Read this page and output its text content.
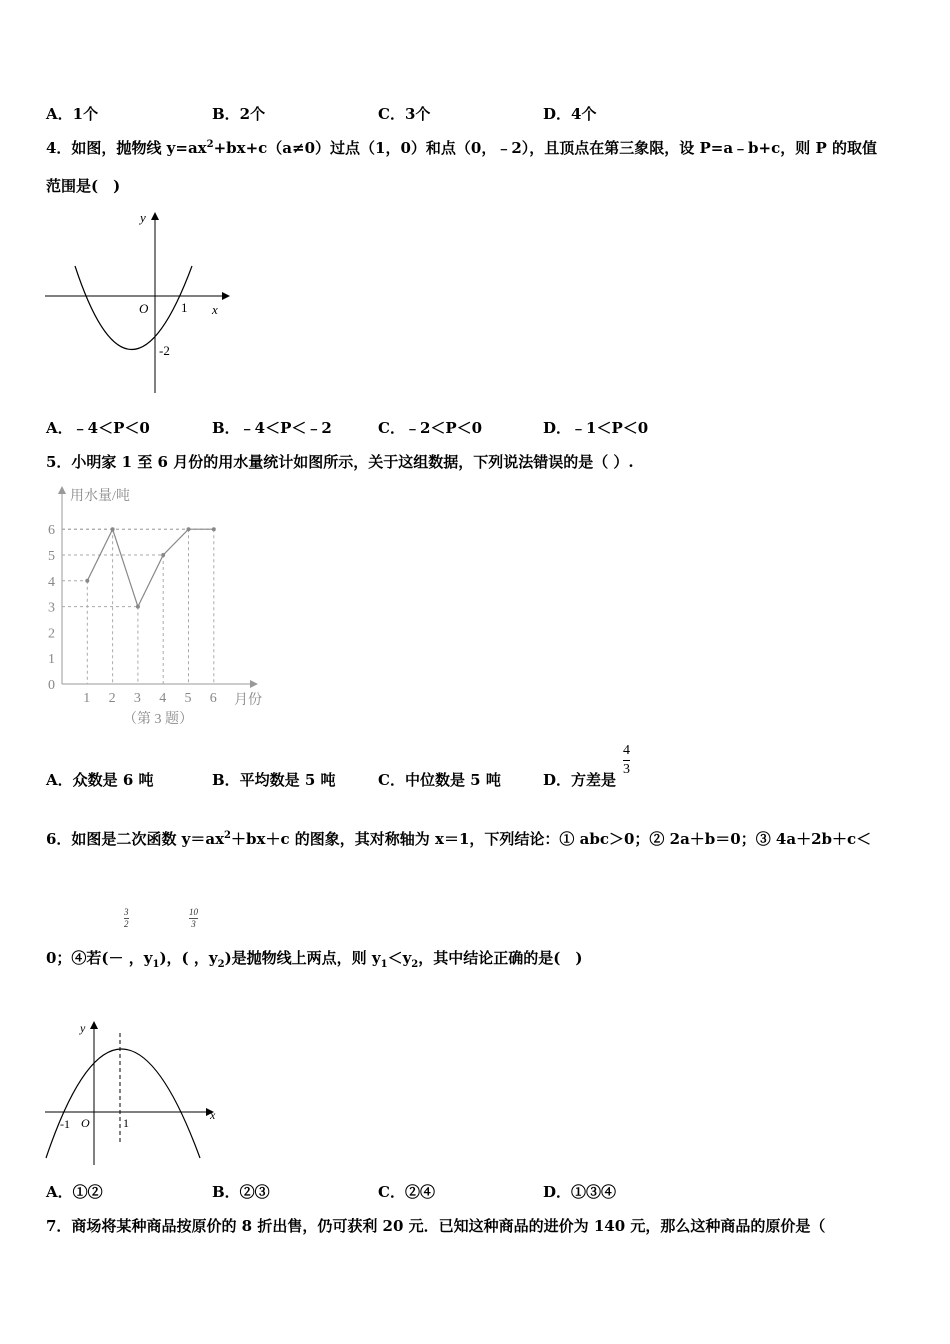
A．1个	B．2个	C．3个	D．4个
4．如图，抛物线 $y=ax^2+bx+c(a\ne 0)$过点（1，0）和点（0，﹣2），且顶点在第三象限，设 P=a﹣b+c，则 P 的取值
范围是(　)
y
x
O	1
-2
A．﹣4＜P＜0	B．﹣4＜P＜﹣2	C．﹣2＜P＜0	D．﹣1＜P＜0
5．小明家 1 至 6 月份的用水量统计如图所示，关于这组数据，下列说法错误的是（ ）.
用水量/吨
月份
（第 3 题）
0
1
2
3
4
5
6
1 2 3 4 5 6
A．众数是 6 吨	B．平均数是 5 吨	C．中位数是 5 吨	D．方差是
4
3
6．如图是二次函数 $y=ax^2+bx+c$ 的图象，其对称轴为 x＝1，下列结论：① abc＞0；② 2a＋b＝0；③ 4a＋2b＋c＜
3
2
10
3
0；④若(－ ，$y_1$)，( ，$y_2$)是抛物线上两点，则 $y_1<y_2$，其中结论正确的是(　)
y
x
O
-1	1
A．①②	B．②③	C．②④	D．①③④
7．商场将某种商品按原价的 8 折出售，仍可获利 20 元．已知这种商品的进价为 140 元，那么这种商品的原价是（
